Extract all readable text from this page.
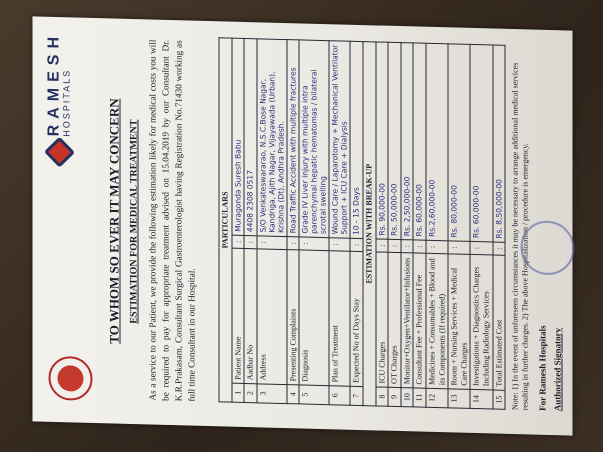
RAMESH HOSPITALS	TO WHOM SO EVER IT MAY CONCERN ESTIMATION FOR MEDICAL TREATMENT As a service to our Patient, we provide the following estimation likely for medical costs you will be required to pay for appropriate treatment advised on 15.04.2019 by our Consultant Dr. K.R.Prakasam, Consultant Surgical Gastroenterologist having Registration No.71430 working as full time Consultant in our Hospital.
PARTICULARS			
1	Patient Name	:	Muragonda Suresh Babu
2	Aadhar No	:	4408 2308 0517
3	Address	:	S/O Venkateswararao, N.S.C.Bose Nagar, Kandriga, Ajith Nagar, Vijayawada (Urban), Krishna (Dt), Andhra Pradesh.
4	Presenting Complaints	:	Road Traffic Accident with multiple fractures
5	Diagnosis	:	Grade IV Liver injury with multiple intra parenchymal hepatic hematomas / bilateral scrotal swelling
6	Plan of Treatment	:	Wound Care / Laparotomy + Mechanical Ventilator Support + ICU Care + Dialysis
7	Expected No of Days Stay	:	10 - 15 Days
ESTIMATION WITH BREAK-UP			
8	ICU Charges	:	Rs. 90,000-00
9	OT Charges	:	Rs. 50,000-00
10	Monitor+Oxygen+Ventilator+Infusions	:	Rs. 2,50,000-00
11	Consultant Fee + Professional Fee	:	Rs. 60,000-00
12	Medicines + Consumables + Blood and its Components (If required)	:	Rs.2,60,000-00
13	Room + Nursing Services + Medical Care Charges	:	Rs. 80,000-00
14	Investigations + Diagnostics Charges Including Radiology Services	:	Rs. 60,000-00
15	Total Estimated Cost	:	Rs. 8,50,000-00 Note: 1) In the event of unforeseen circumstances it may be necessary to arrange additional medical services resulting in further charges. 2) The above Hospitalization / procedure is emergency. For Ramesh Hospitals Authorized Signatory
